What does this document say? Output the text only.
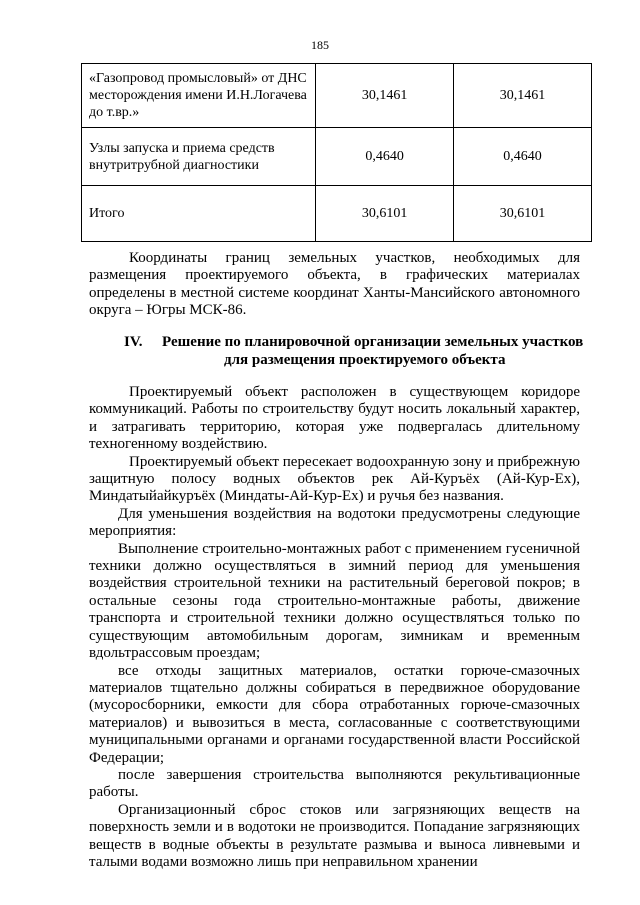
185
«Газопровод промысловый» от ДНС месторождения имени И.Н.Логачева до т.вр.»	30,1461	30,1461
Узлы запуска и приема средств внутритрубной диагностики	0,4640	0,4640
Итого	30,6101	30,6101

Координаты границ земельных участков, необходимых для размещения проектируемого объекта, в графических материалах определены в местной системе координат Ханты-Мансийского автономного округа – Югры МСК-86.

IV. Решение по планировочной организации земельных участков
для размещения проектируемого объекта

Проектируемый объект расположен в существующем коридоре коммуникаций. Работы по строительству будут носить локальный характер, и затрагивать территорию, которая уже подвергалась длительному техногенному воздействию.

Проектируемый объект пересекает водоохранную зону и прибрежную защитную полосу водных объектов рек Ай-Куръёх (Ай-Кур-Ех), Миндатыйайкуръёх (Миндаты-Ай-Кур-Ех) и ручья без названия.

Для уменьшения воздействия на водотоки предусмотрены следующие мероприятия:

Выполнение строительно-монтажных работ с применением гусеничной техники должно осуществляться в зимний период для уменьшения воздействия строительной техники на растительный береговой покров; в остальные сезоны года строительно-монтажные работы, движение транспорта и строительной техники должно осуществляться только по существующим автомобильным дорогам, зимникам и временным вдольтрассовым проездам;

все отходы защитных материалов, остатки горюче-смазочных материалов тщательно должны собираться в передвижное оборудование (мусоросборники, емкости для сбора отработанных горюче-смазочных материалов) и вывозиться в места, согласованные с соответствующими муниципальными органами и органами государственной власти Российской Федерации;

после завершения строительства выполняются рекультивационные работы.

Организационный сброс стоков или загрязняющих веществ на поверхность земли и в водотоки не производится. Попадание загрязняющих веществ в водные объекты в результате размыва и выноса ливневыми и талыми водами возможно лишь при неправильном хранении
